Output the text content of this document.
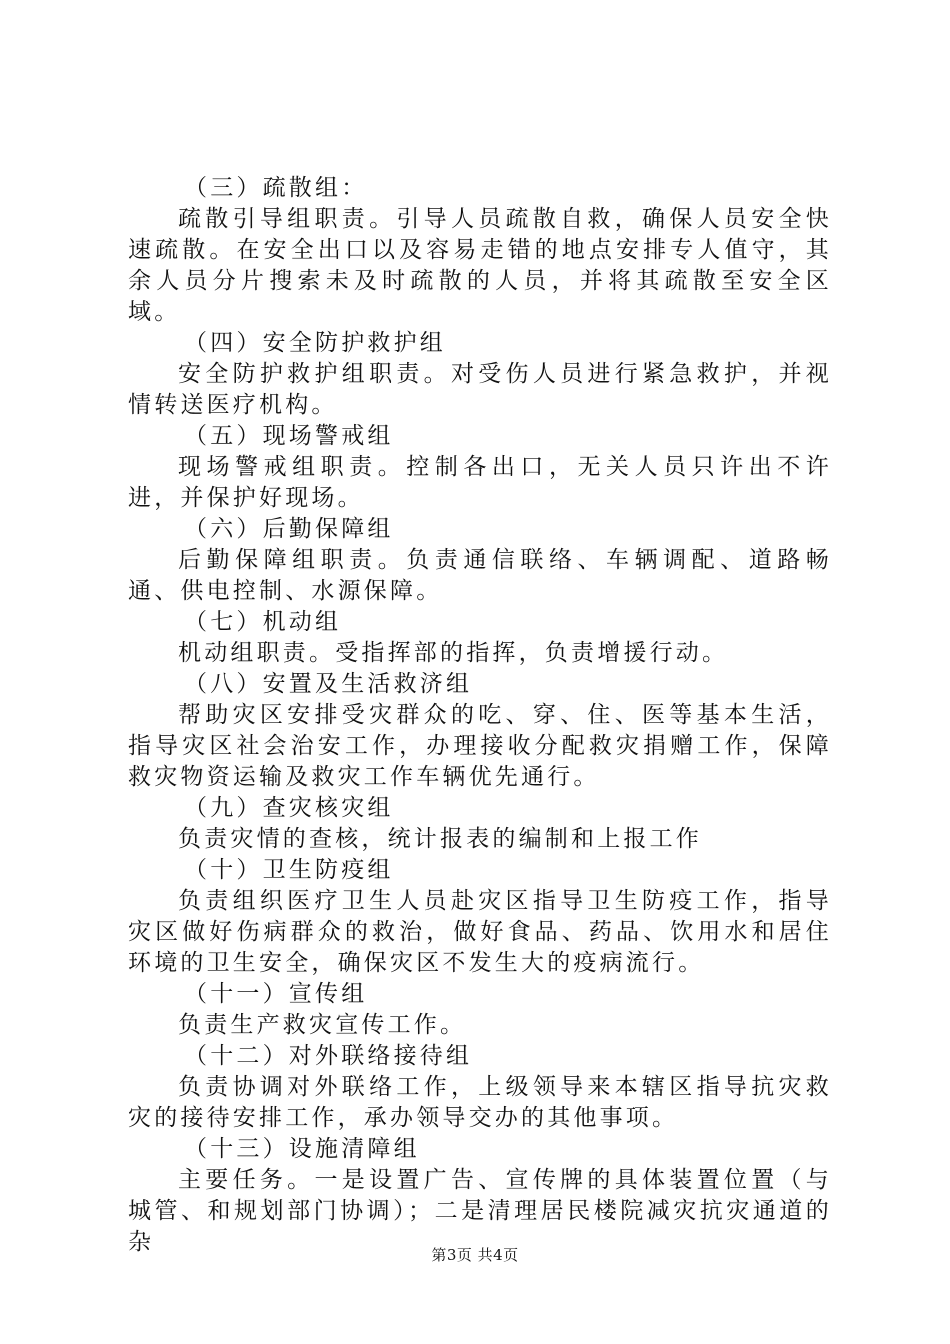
（三）疏散组：

疏散引导组职责。引导人员疏散自救，确保人员安全快速疏散。在安全出口以及容易走错的地点安排专人值守，其余人员分片搜索未及时疏散的人员，并将其疏散至安全区域。

（四）安全防护救护组

安全防护救护组职责。对受伤人员进行紧急救护，并视情转送医疗机构。

（五）现场警戒组

现场警戒组职责。控制各出口，无关人员只许出不许进，并保护好现场。

（六）后勤保障组

后勤保障组职责。负责通信联络、车辆调配、道路畅通、供电控制、水源保障。

（七）机动组

机动组职责。受指挥部的指挥，负责增援行动。

（八）安置及生活救济组

帮助灾区安排受灾群众的吃、穿、住、医等基本生活，指导灾区社会治安工作，办理接收分配救灾捐赠工作，保障救灾物资运输及救灾工作车辆优先通行。

（九）查灾核灾组

负责灾情的查核，统计报表的编制和上报工作

（十）卫生防疫组

负责组织医疗卫生人员赴灾区指导卫生防疫工作，指导灾区做好伤病群众的救治，做好食品、药品、饮用水和居住环境的卫生安全，确保灾区不发生大的疫病流行。

（十一）宣传组

负责生产救灾宣传工作。

（十二）对外联络接待组

负责协调对外联络工作，上级领导来本辖区指导抗灾救灾的接待安排工作，承办领导交办的其他事项。

（十三）设施清障组

主要任务。一是设置广告、宣传牌的具体装置位置（与城管、和规划部门协调）；二是清理居民楼院减灾抗灾通道的杂	第3页 共4页
